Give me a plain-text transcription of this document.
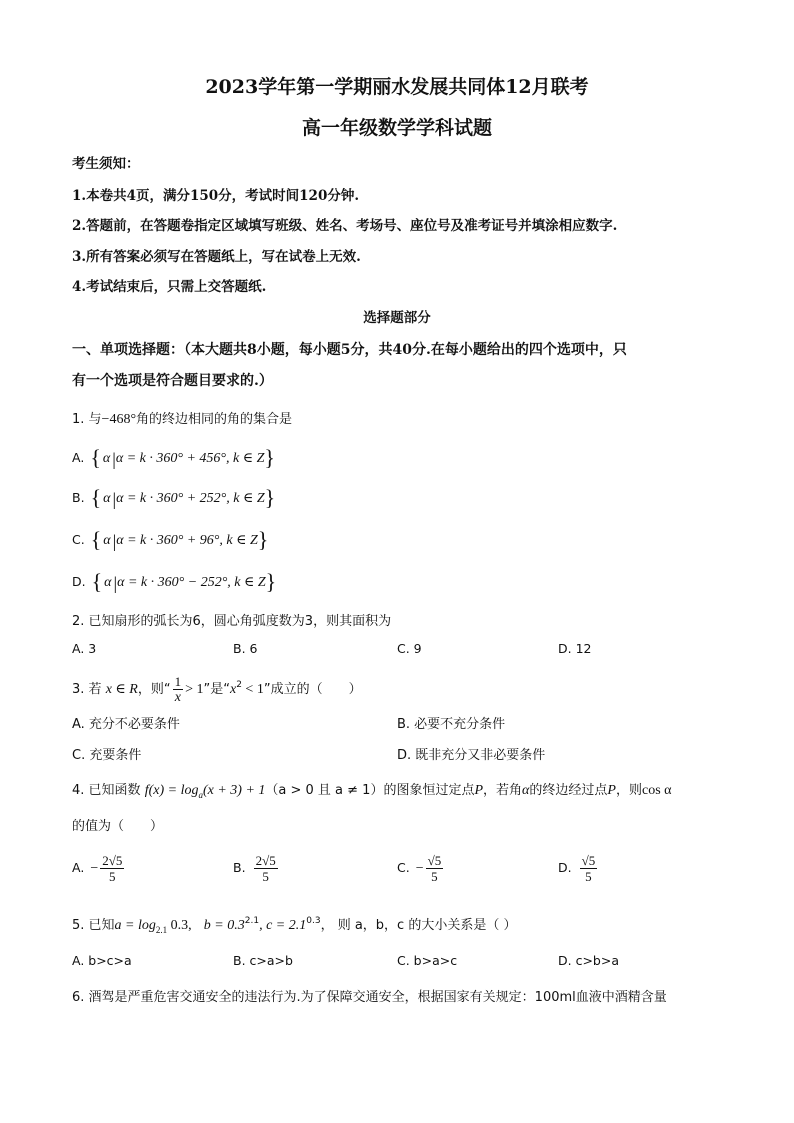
2023学年第一学期丽水发展共同体12月联考
高一年级数学学科试题
考生须知：
1.本卷共4页，满分150分，考试时间120分钟.
2.答题前，在答题卷指定区域填写班级、姓名、考场号、座位号及准考证号并填涂相应数字.
3.所有答案必须写在答题纸上，写在试卷上无效.
4.考试结束后，只需上交答题纸.
选择题部分
一、单项选择题：（本大题共8小题，每小题5分，共40分.在每小题给出的四个选项中，只
有一个选项是符合题目要求的.）
1. 与−468°角的终边相同的角的集合是
A. { α |α = k · 360° + 456°, k ∈ Z}
B. { α |α = k · 360° + 252°, k ∈ Z}
C. { α |α = k · 360° + 96°, k ∈ Z}
D. { α |α = k · 360° − 252°, k ∈ Z}
2. 已知扇形的弧长为6，圆心角弧度数为3，则其面积为
A. 3	B. 6	C. 9	D. 12
3. 若 x ∈ R，则“ $\frac{1}{x} > 1$”是“$x^2 < 1$”成立的（　　）
A. 充分不必要条件	B. 必要不充分条件
C. 充要条件	D. 既非充分又非必要条件
4. 已知函数 $f(x) = \log_a(x + 3) + 1(a > 0$ 且 a ≠ 1）的图象恒过定点P，若角α的终边经过点P，则cos α
的值为（　　）
A. − $\frac{2√5}{5}$	B. $\frac{2√5}{5}$	C. − $\frac{√5}{5}$	D. $\frac{√5}{5}$
5. 已知$a = \log_{2.1} 0.3$, $b = 0.3^{2.1}$, $c = 2.1^{0.3}$， 则 a，b，c 的大小关系是（ ）
A. b>c>a	B. c>a>b	C. b>a>c	D. c>b>a
6. 酒驾是严重危害交通安全的违法行为.为了保障交通安全，根据国家有关规定：100ml血液中酒精含量
